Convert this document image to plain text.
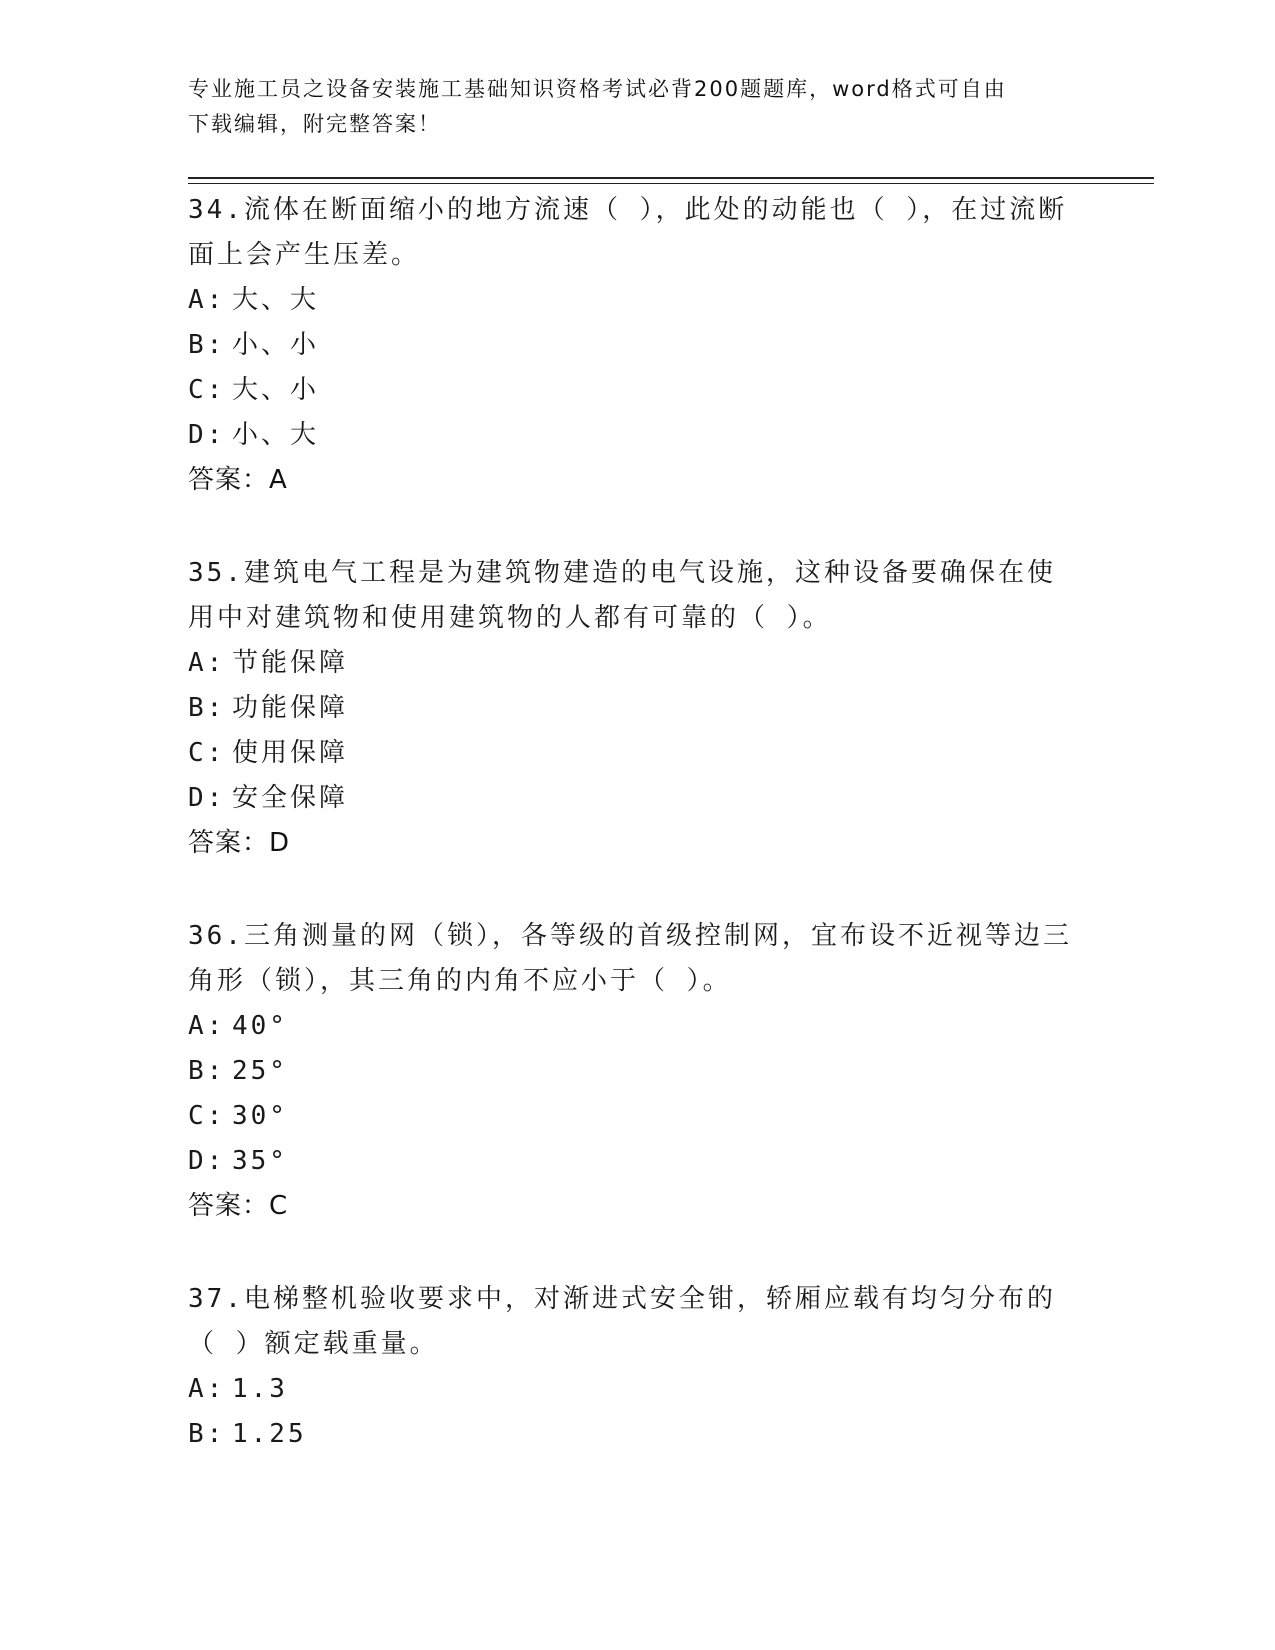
专业施工员之设备安装施工基础知识资格考试必背200题题库，word格式可自由
下载编辑，附完整答案！
34.流体在断面缩小的地方流速（ ），此处的动能也（ ），在过流断面上会产生压差。
A: 大、大
B: 小、小
C: 大、小
D: 小、大
答案：A
35.建筑电气工程是为建筑物建造的电气设施，这种设备要确保在使用中对建筑物和使用建筑物的人都有可靠的（ ）。
A: 节能保障
B: 功能保障
C: 使用保障
D: 安全保障
答案：D
36.三角测量的网（锁），各等级的首级控制网，宜布设不近视等边三角形（锁），其三角的内角不应小于（ ）。
A: 40°
B: 25°
C: 30°
D: 35°
答案：C
37.电梯整机验收要求中，对渐进式安全钳，轿厢应载有均匀分布的（ ）额定载重量。
A: 1.3
B: 1.25
